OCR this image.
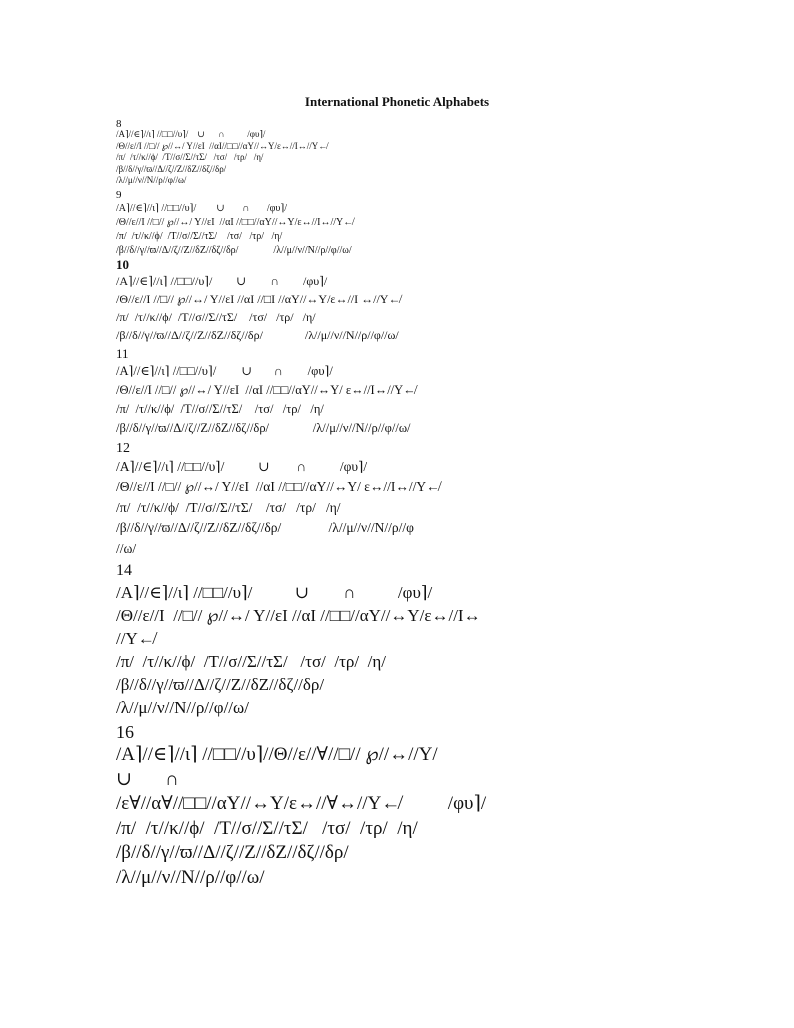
International Phonetic Alphabets
8
/A⌉//∈⌉//ι⌉ //□□//υ⌉/    ∪      ∩          /φυ⌉/
/Θ//ε//I //□// ℘//↔/ Y//εI  //αI//□□//αY//↔Y/ε↔//I↔//Y↚
/π/  /τ//κ//ϕ/  /T//σ//Σ//τΣ/   /τσ/   /τρ/   /η/
/β//δ//γ//ϖ//Δ//ζ//Z//δZ//δζ//δρ/
/λ//μ//ν//N//ρ//φ//ω/
9
/A⌉//∈⌉//ι⌉ //□□//υ⌉/        ∪       ∩       /φυ⌉/
/Θ//ε//I //□// ℘//↔/ Y//εI  //αI //□□//αY//↔Y/ε↔//I↔//Y↚
/π/  /τ//κ//ϕ/  /T//σ//Σ//τΣ/    /τσ/   /τρ/   /η/
/β//δ//γ//ϖ//Δ//ζ//Z//δZ//δζ//δρ/              /λ//μ//ν//N//ρ//φ//ω/
10
/A⌉//∈⌉//ι⌉ //□□//υ⌉/        ∪        ∩        /φυ⌉/
/Θ//ε//I //□// ℘//↔/ Y//εI //αI //□I //αY//↔Y/ε↔//I ↔//Y↚
/π/  /τ//κ//ϕ/  /T//σ//Σ//τΣ/    /τσ/   /τρ/   /η/
/β//δ//γ//ϖ//Δ//ζ//Z//δZ//δζ//δρ/              /λ//μ//ν//N//ρ//φ//ω/
11
/A⌉//∈⌉//ι⌉ //□□//υ⌉/        ∪       ∩        /φυ⌉/
/Θ//ε//I //□// ℘//↔/ Y//εI  //αI //□□//αY//↔Y/ ε↔//I↔//Y↚
/π/  /τ//κ//ϕ/  /T//σ//Σ//τΣ/    /τσ/   /τρ/   /η/
/β//δ//γ//ϖ//Δ//ζ//Z//δZ//δζ//δρ/              /λ//μ//ν//N//ρ//φ//ω/
12
/A⌉//∈⌉//ι⌉ //□□//υ⌉/          ∪        ∩          /φυ⌉/
/Θ//ε//I //□// ℘//↔/ Y//εI  //αI //□□//αY//↔Y/ ε↔//I↔//Y↚
/π/  /τ//κ//ϕ/  /T//σ//Σ//τΣ/    /τσ/   /τρ/   /η/
/β//δ//γ//ϖ//Δ//ζ//Z//δZ//δζ//δρ/              /λ//μ//ν//N//ρ//φ
//ω/
14
/A⌉//∈⌉//ι⌉ //□□//υ⌉/          ∪        ∩          /φυ⌉/
/Θ//ε//I  //□// ℘//↔/ Y//εI //αI //□□//αY//↔Y/ε↔//I↔
//Y↚
/π/  /τ//κ//ϕ/  /T//σ//Σ//τΣ/   /τσ/  /τρ/  /η/
/β//δ//γ//ϖ//Δ//ζ//Z//δZ//δζ//δρ/
/λ//μ//ν//N//ρ//φ//ω/
16
/A⌉//∈⌉//ι⌉ //□□//υ⌉//Θ//ε//∀//□// ℘//↔//Y/
∪       ∩
/ε∀//α∀//□□//αY//↔Y/ε↔//∀↔//Y↚          /φυ⌉/
/π/  /τ//κ//ϕ/  /T//σ//Σ//τΣ/   /τσ/  /τρ/  /η/
/β//δ//γ//ϖ//Δ//ζ//Z//δZ//δζ//δρ/
/λ//μ//ν//N//ρ//φ//ω/
